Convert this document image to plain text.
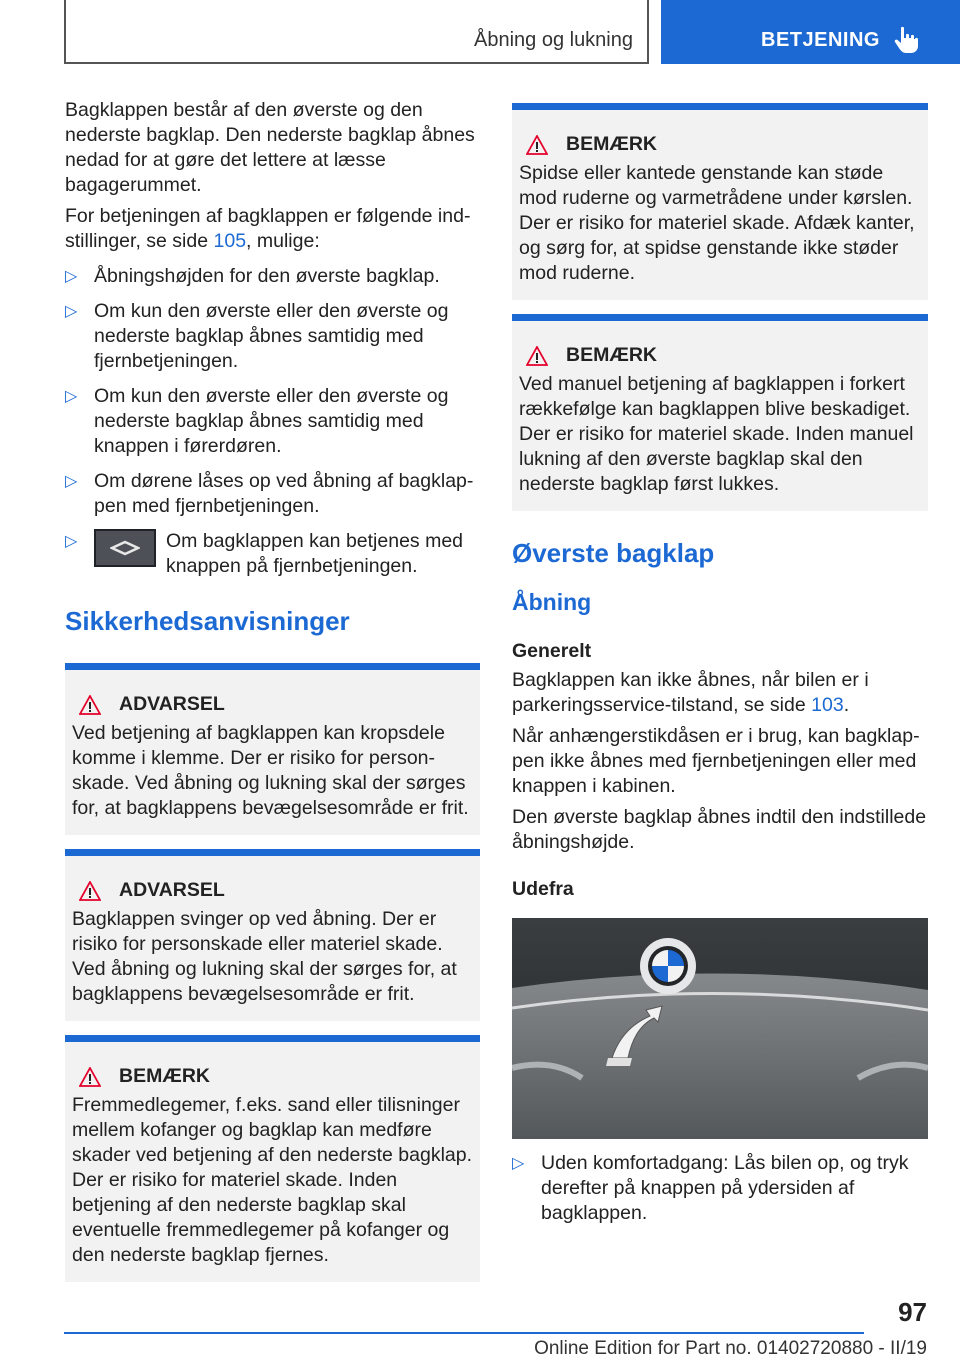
Åbning og lukning	BETJENING

Bagklappen består af den øverste og den nederste bagklap. Den nederste bagklap åbnes nedad for at gøre det lettere at læsse bagagerummet.

For betjeningen af bagklappen er følgende indstillinger, se side 105, mulige:

▷ Åbningshøjden for den øverste bagklap.
▷ Om kun den øverste eller den øverste og nederste bagklap åbnes samtidig med fjernbetjeningen.
▷ Om kun den øverste eller den øverste og nederste bagklap åbnes samtidig med knappen i førerdøren.
▷ Om dørene låses op ved åbning af bagklappen med fjernbetjeningen.
▷	Om bagklappen kan betjenes med knappen på fjernbetjeningen.
Sikkerhedsanvisninger
ADVARSEL

Ved betjening af bagklappen kan kropsdele komme i klemme. Der er risiko for personskade. Ved åbning og lukning skal der sørges for, at bagklappens bevægelsesområde er frit.

ADVARSEL

Bagklappen svinger op ved åbning. Der er risiko for personskade eller materiel skade. Ved åbning og lukning skal der sørges for, at bagklappens bevægelsesområde er frit.

BEMÆRK

Fremmedlegemer, f.eks. sand eller tilisninger mellem kofanger og bagklap kan medføre skader ved betjening af den nederste bagklap. Der er risiko for materiel skade. Inden betjening af den nederste bagklap skal eventuelle fremmedlegemer på kofanger og den nederste bagklap fjernes.

BEMÆRK

Spidse eller kantede genstande kan støde mod ruderne og varmetrådene under kørslen. Der er risiko for materiel skade. Afdæk kanter, og sørg for, at spidse genstande ikke støder mod ruderne.

BEMÆRK

Ved manuel betjening af bagklappen i forkert rækkefølge kan bagklappen blive beskadiget. Der er risiko for materiel skade. Inden manuel lukning af den øverste bagklap skal den nederste bagklap først lukkes.

Øverste bagklap
Åbning
Generelt

Bagklappen kan ikke åbnes, når bilen er i parkeringsservice-tilstand, se side 103.

Når anhængerstikdåsen er i brug, kan bagklappen ikke åbnes med fjernbetjeningen eller med knappen i kabinen.

Den øverste bagklap åbnes indtil den indstillede åbningshøjde.

Udefra
▷ Uden komfortadgang: Lås bilen op, og tryk derefter på knappen på ydersiden af bagklappen.
97
Online Edition for Part no. 01402720880 - II/19
